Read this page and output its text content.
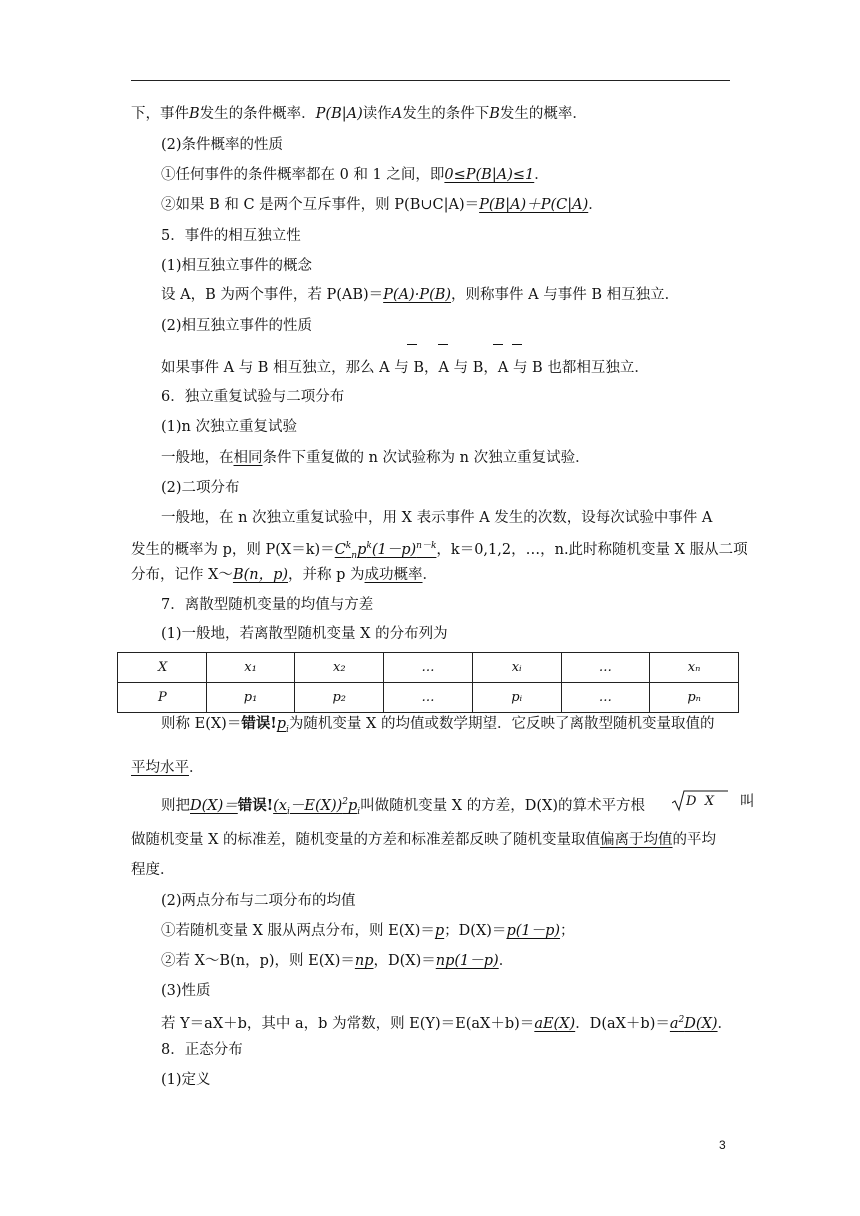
下，事件B发生的条件概率．P(B|A)读作A发生的条件下B发生的概率．
(2)条件概率的性质
①任何事件的条件概率都在 0 和 1 之间，即0≤P(B|A)≤1．
②如果 B 和 C 是两个互斥事件，则 P(B∪C|A)＝P(B|A)＋P(C|A)．
5．事件的相互独立性
(1)相互独立事件的概念
设 A，B 为两个事件，若 P(AB)＝P(A)·P(B)，则称事件 A 与事件 B 相互独立．
(2)相互独立事件的性质
如果事件 A 与 B 相互独立，那么 A 与 B，A 与 B，A 与 B 也都相互独立．
6．独立重复试验与二项分布
(1)n 次独立重复试验
一般地，在相同条件下重复做的 n 次试验称为 n 次独立重复试验．
(2)二项分布
一般地，在 n 次独立重复试验中，用 X 表示事件 A 发生的次数，设每次试验中事件 A
发生的概率为 p，则 $P(X=k)=C^k_np^k(1-p)^{n-k}$，k＝0,1,2，…，n.此时称随机变量 X 服从二项
分布，记作 X～B(n，p)，并称 p 为成功概率．
7．离散型随机变量的均值与方差
(1)一般地，若离散型随机变量 X 的分布列为
X	x₁	x₂	…	xᵢ	…	xₙ
P	p₁	p₂	…	pᵢ	…	pₙ
则称 E(X)＝错误$!p_i$为随机变量 X 的均值或数学期望．它反映了离散型随机变量取值的
平均水平．
则把D(X)＝错误$!(x_i-E(X))^2p_i$叫做随机变量 X 的方差，D(X)的算术平方根	D  X 叫
做随机变量 X 的标准差，随机变量的方差和标准差都反映了随机变量取值偏离于均值的平均
程度．
(2)两点分布与二项分布的均值
①若随机变量 X 服从两点分布，则 E(X)＝p；D(X)＝p(1－p)；
②若 X～B(n，p)，则 E(X)＝np，D(X)＝np(1－p)．
(3)性质
若 Y＝aX＋b，其中 a，b 为常数，则 E(Y)＝E(aX＋b)＝aE(X)．$D(aX+b)=a^2D(X)$．
8．正态分布
(1)定义
3
